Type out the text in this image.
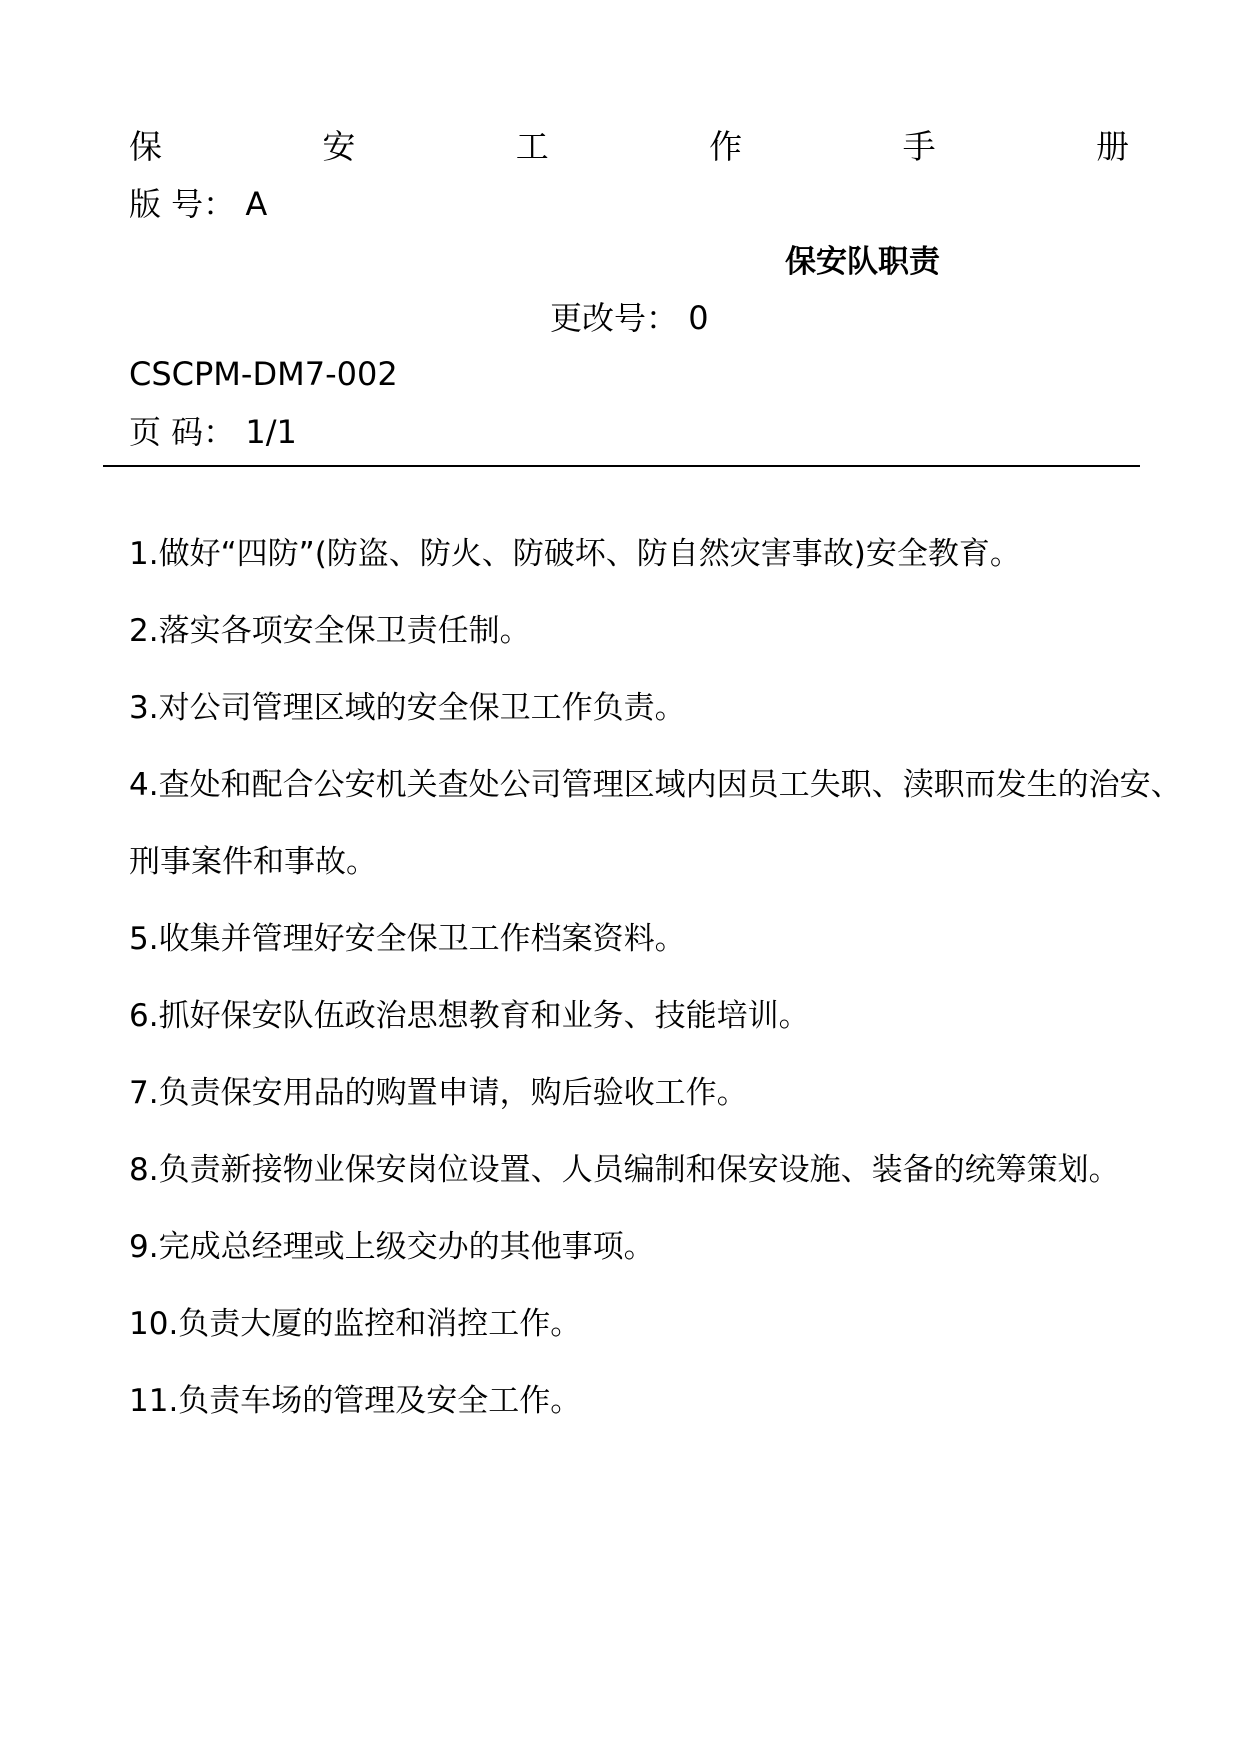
保	安	工	作	手	册
版 号： A
保安队职责
更改号： 0
CSCPM-DM7-002
页 码： 1/1
1.做好“四防”(防盗、防火、防破坏、防自然灾害事故)安全教育。
2.落实各项安全保卫责任制。
3.对公司管理区域的安全保卫工作负责。
4.查处和配合公安机关查处公司管理区域内因员工失职、渎职而发生的治安、
刑事案件和事故。
5.收集并管理好安全保卫工作档案资料。
6.抓好保安队伍政治思想教育和业务、技能培训。
7.负责保安用品的购置申请，购后验收工作。
8.负责新接物业保安岗位设置、人员编制和保安设施、装备的统筹策划。
9.完成总经理或上级交办的其他事项。
10.负责大厦的监控和消控工作。
11.负责车场的管理及安全工作。
